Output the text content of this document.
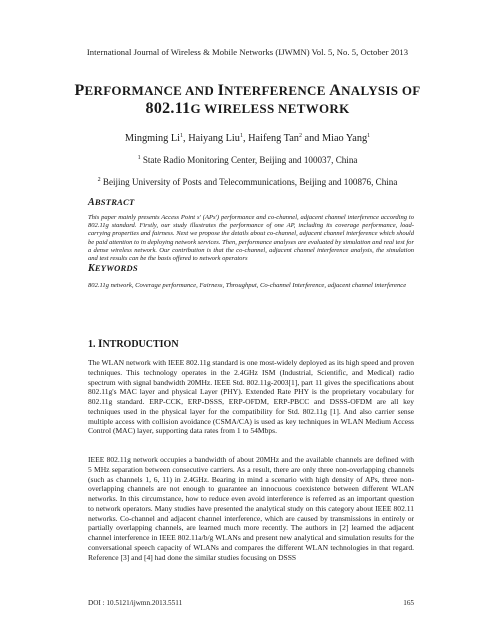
International Journal of Wireless & Mobile Networks (IJWMN) Vol. 5, No. 5, October 2013
PERFORMANCE AND INTERFERENCE ANALYSIS OF
802.11G WIRELESS NETWORK
Mingming Li$^1$, Haiyang Liu$^1$, Haifeng Tan$^2$ and Miao Yang$^1$
$^1$ State Radio Monitoring Center, Beijing and 100037, China
$^2$ Beijing University of Posts and Telecommunications, Beijing and 100876, China
ABSTRACT
This paper mainly presents Access Point s' (APs') performance and co-channel, adjacent channel interference according to 802.11g standard. Firstly, our study illustrates the performance of one AP, including its coverage performance, load-carrying properties and fairness. Next we propose the details about co-channel, adjacent channel interference which should be paid attention to in deploying network services. Then, performance analyses are evaluated by simulation and real test for a dense wireless network. Our contribution is that the co-channel, adjacent channel interference analysis, the simulation and test results can be the basis offered to network operators
KEYWORDS
802.11g network, Coverage performance, Fairness, Throughput, Co-channel Interference, adjacent channel interference
1. INTRODUCTION
The WLAN network with IEEE 802.11g standard is one most-widely deployed as its high speed and proven techniques. This technology operates in the 2.4GHz ISM (Industrial, Scientific, and Medical) radio spectrum with signal bandwidth 20MHz. IEEE Std. 802.11g-2003[1], part 11 gives the specifications about 802.11g's MAC layer and physical Layer (PHY). Extended Rate PHY is the proprietary vocabulary for 802.11g standard. ERP-CCK, ERP-DSSS, ERP-OFDM, ERP-PBCC and DSSS-OFDM are all key techniques used in the physical layer for the compatibility for Std. 802.11g [1]. And also carrier sense multiple access with collision avoidance (CSMA/CA) is used as key techniques in WLAN Medium Access Control (MAC) layer, supporting data rates from 1 to 54Mbps.
IEEE 802.11g network occupies a bandwidth of about 20MHz and the available channels are defined with 5 MHz separation between consecutive carriers. As a result, there are only three non-overlapping channels (such as channels 1, 6, 11) in 2.4GHz. Bearing in mind a scenario with high density of APs, three non-overlapping channels are not enough to guarantee an innocuous coexistence between different WLAN networks. In this circumstance, how to reduce even avoid interference is referred as an important question to network operators. Many studies have presented the analytical study on this category about IEEE 802.11 networks. Co-channel and adjacent channel interference, which are caused by transmissions in entirely or partially overlapping channels, are learned much more recently. The authors in [2] learned the adjacent channel interference in IEEE 802.11a/b/g WLANs and present new analytical and simulation results for the conversational speech capacity of WLANs and compares the different WLAN technologies in that regard. Reference [3] and [4] had done the similar studies focusing on DSSS
DOI : 10.5121/ijwmn.2013.5511	165
